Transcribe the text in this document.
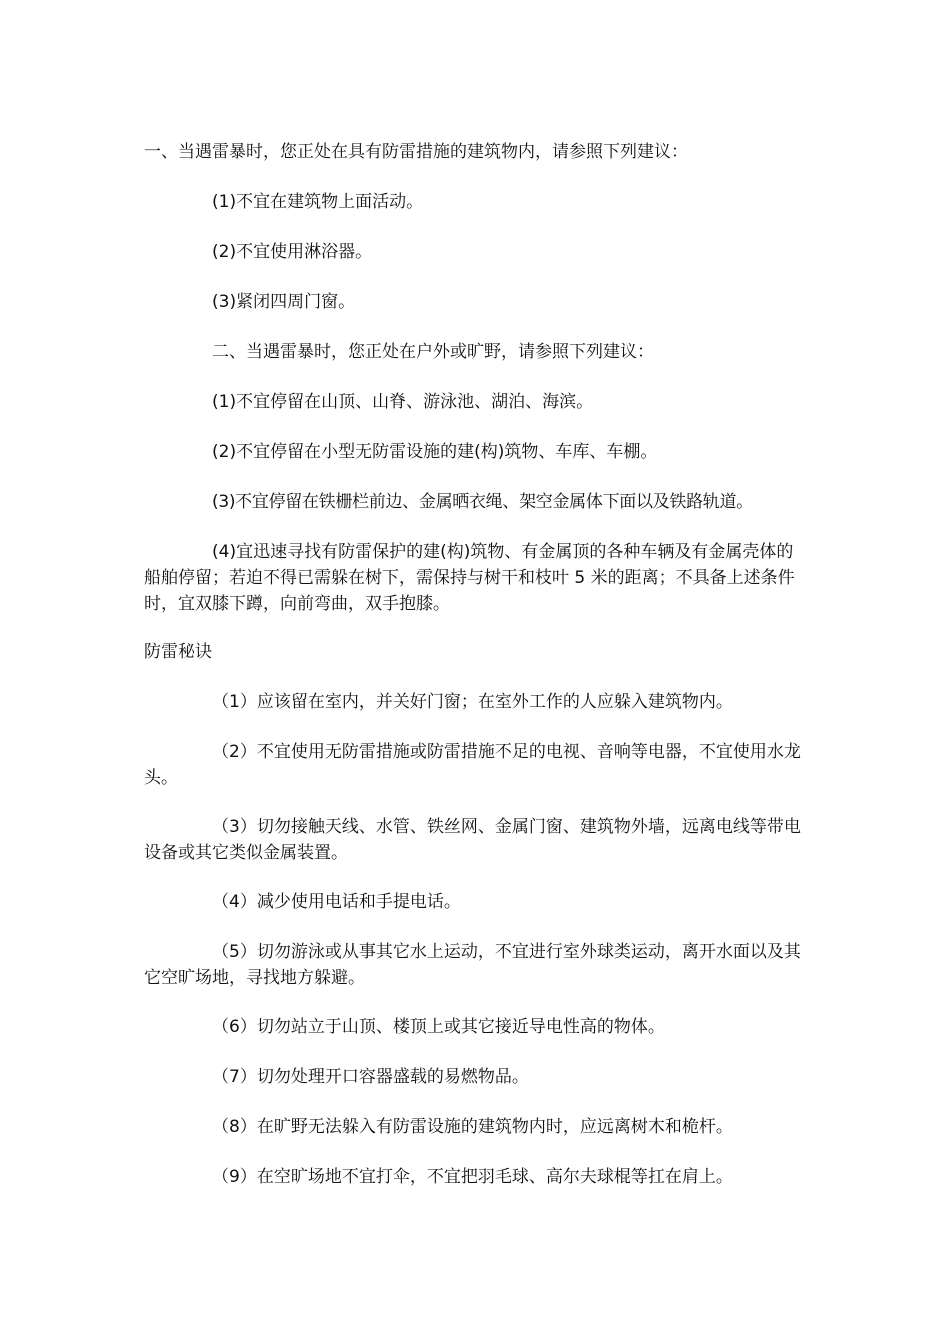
一、当遇雷暴时，您正处在具有防雷措施的建筑物内，请参照下列建议：

(1)不宜在建筑物上面活动。

(2)不宜使用淋浴器。

(3)紧闭四周门窗。

二、当遇雷暴时，您正处在户外或旷野，请参照下列建议：

(1)不宜停留在山顶、山脊、游泳池、湖泊、海滨。

(2)不宜停留在小型无防雷设施的建(构)筑物、车库、车棚。

(3)不宜停留在铁栅栏前边、金属晒衣绳、架空金属体下面以及铁路轨道。

(4)宜迅速寻找有防雷保护的建(构)筑物、有金属顶的各种车辆及有金属壳体的船舶停留；若迫不得已需躲在树下，需保持与树干和枝叶 5 米的距离；不具备上述条件时，宜双膝下蹲，向前弯曲，双手抱膝。

防雷秘诀

（1）应该留在室内，并关好门窗；在室外工作的人应躲入建筑物内。

（2）不宜使用无防雷措施或防雷措施不足的电视、音响等电器，不宜使用水龙头。

（3）切勿接触天线、水管、铁丝网、金属门窗、建筑物外墙，远离电线等带电设备或其它类似金属装置。

（4）减少使用电话和手提电话。

（5）切勿游泳或从事其它水上运动，不宜进行室外球类运动，离开水面以及其它空旷场地，寻找地方躲避。

（6）切勿站立于山顶、楼顶上或其它接近导电性高的物体。

（7）切勿处理开口容器盛载的易燃物品。

（8）在旷野无法躲入有防雷设施的建筑物内时，应远离树木和桅杆。

（9）在空旷场地不宜打伞，不宜把羽毛球、高尔夫球棍等扛在肩上。
